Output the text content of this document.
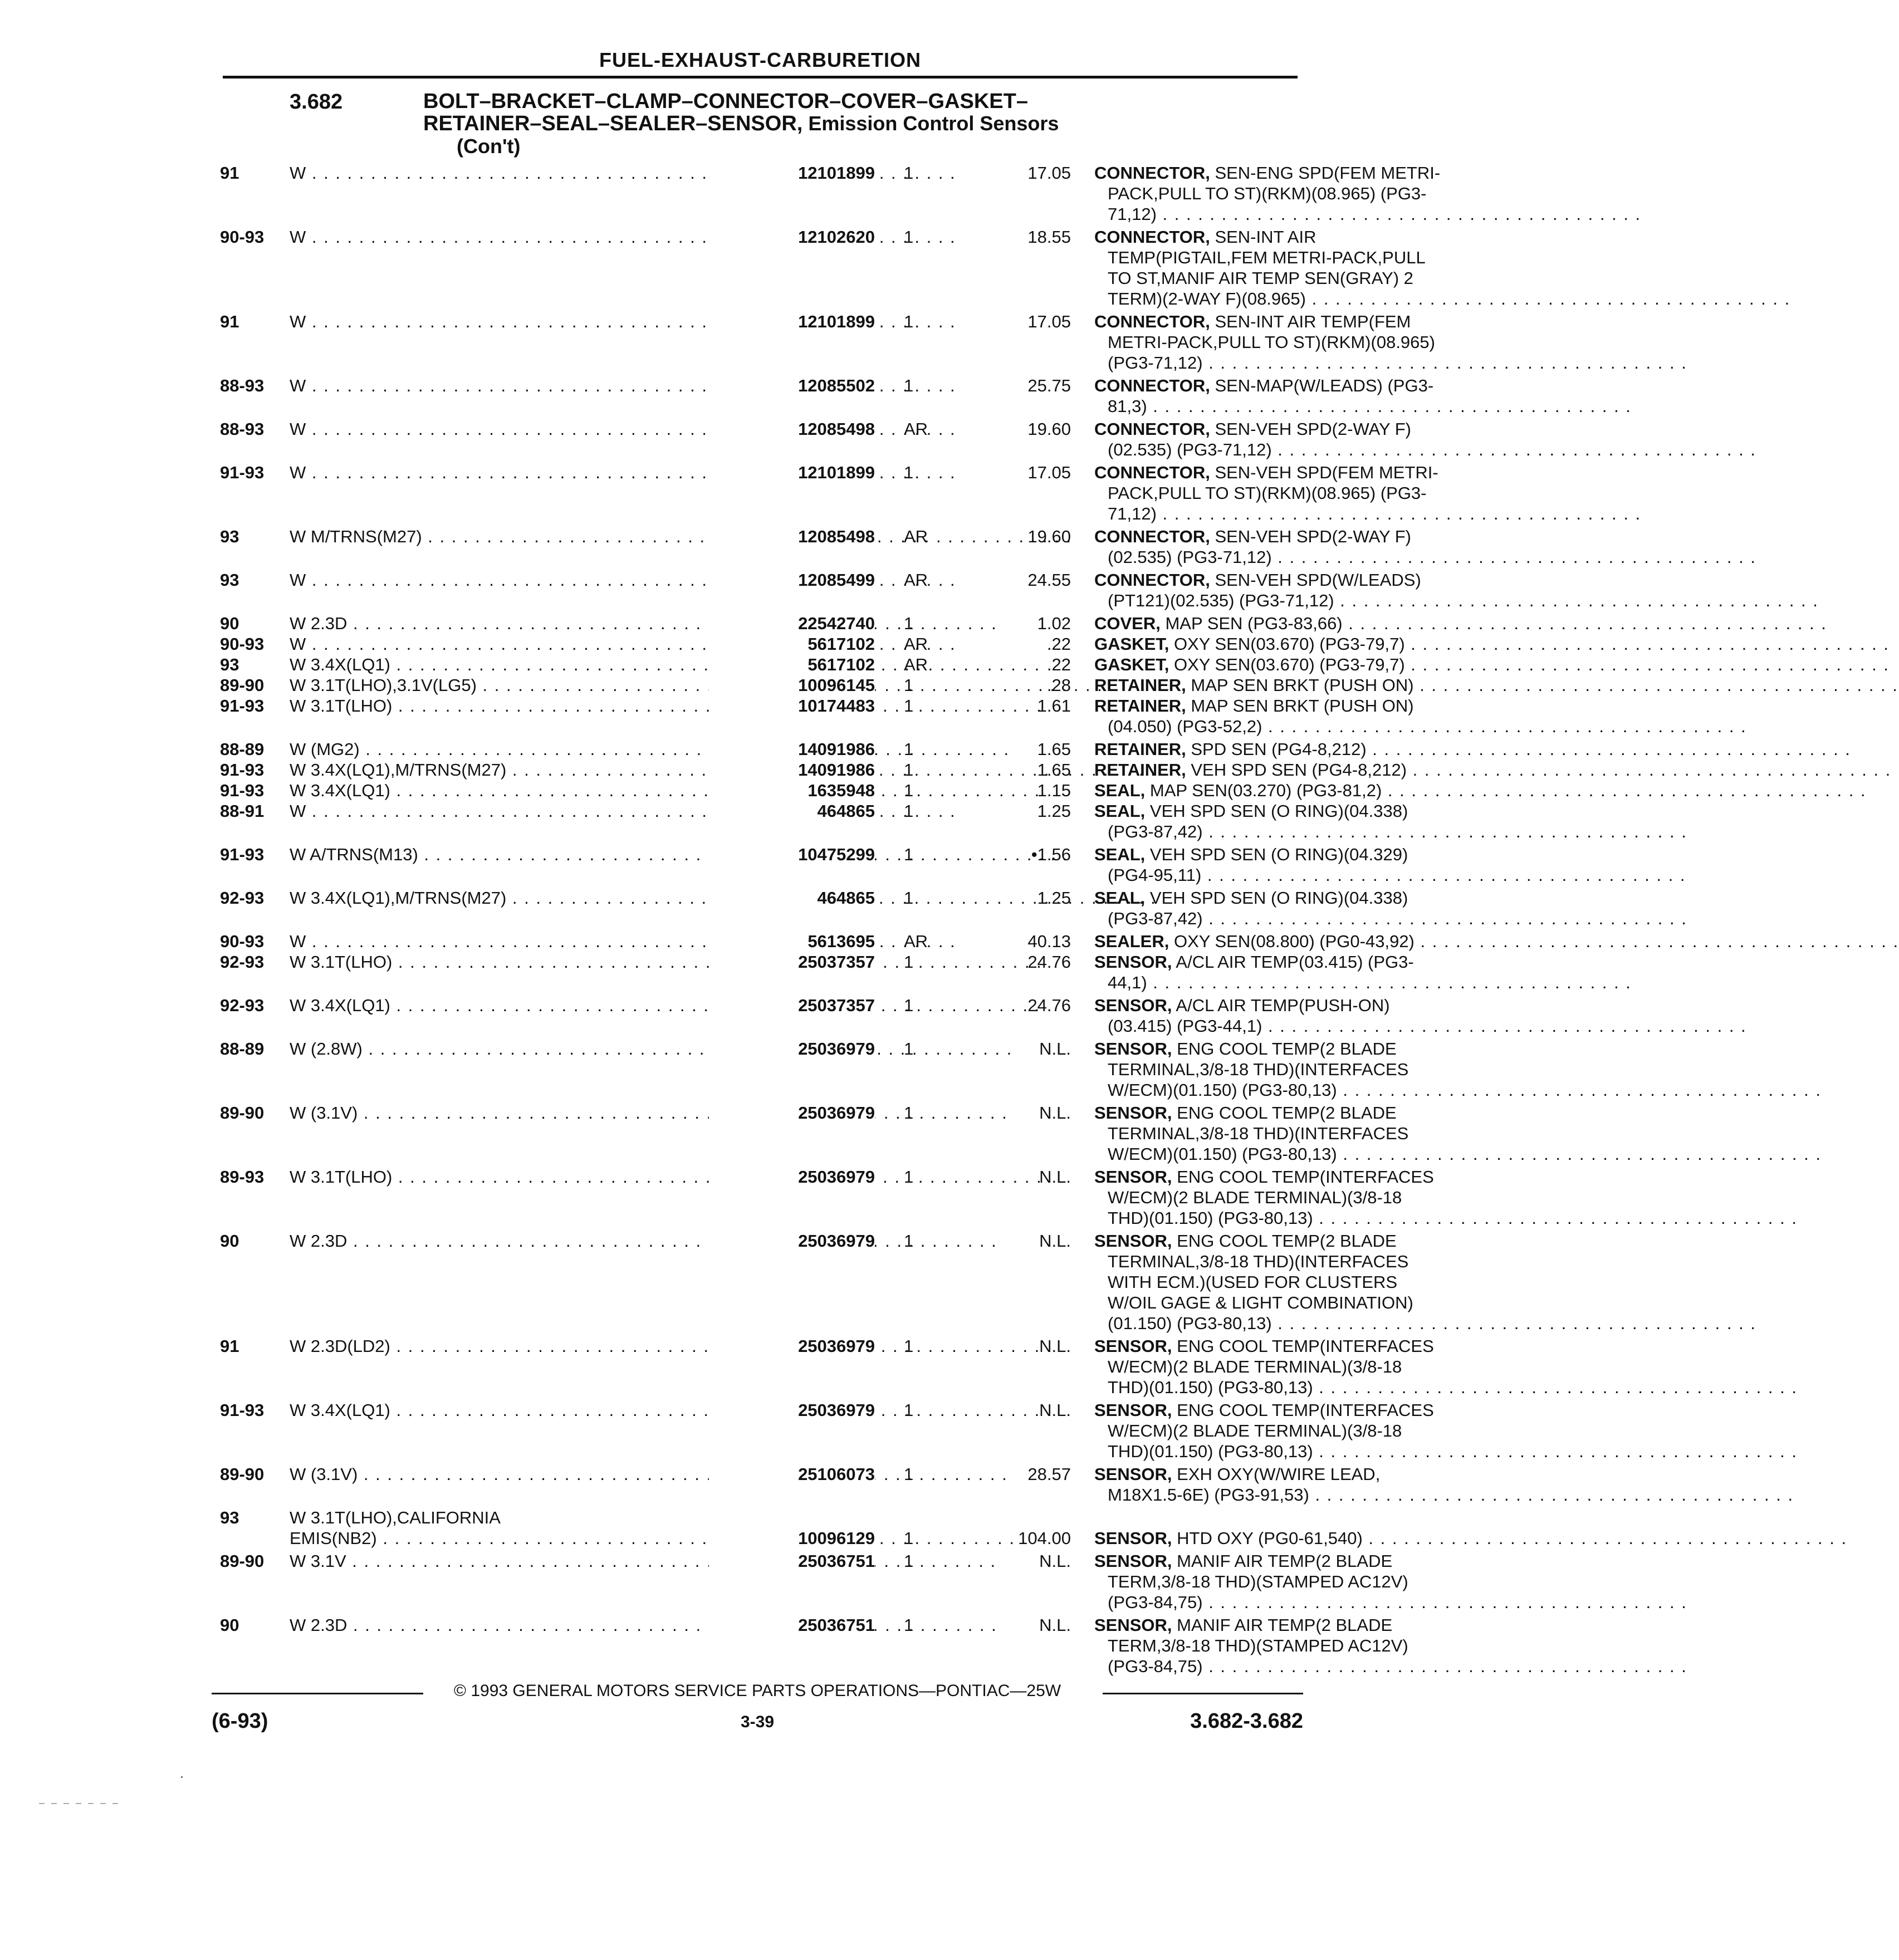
FUEL-EXHAUST-CARBURETION
3.682	BOLT–BRACKET–CLAMP–CONNECTOR–COVER–GASKET–
RETAINER–SEAL–SEALER–SENSOR, Emission Control Sensors
(Con't)
91	W . . .	12101899 1	17.05 CONNECTOR, SEN-ENG SPD(FEM METRI-
PACK,PULL TO ST)(RKM)(08.965) (PG3-
71,12) . . .
90-93	W . . .	12102620 1	18.55 CONNECTOR, SEN-INT AIR
TEMP(PIGTAIL,FEM METRI-PACK,PULL
TO ST,MANIF AIR TEMP SEN(GRAY) 2
TERM)(2-WAY F)(08.965) . . .
91	W . . .	12101899 1	17.05 CONNECTOR, SEN-INT AIR TEMP(FEM
METRI-PACK,PULL TO ST)(RKM)(08.965)
(PG3-71,12) . . .
88-93	W . . .	12085502 1	25.75 CONNECTOR, SEN-MAP(W/LEADS) (PG3-
81,3) . . .
88-93	W . . .	12085498 AR	19.60 CONNECTOR, SEN-VEH SPD(2-WAY F)
(02.535) (PG3-71,12) . . .
91-93	W . . .	12101899 1	17.05 CONNECTOR, SEN-VEH SPD(FEM METRI-
PACK,PULL TO ST)(RKM)(08.965) (PG3-
71,12) . . .
93	W M/TRNS(M27) . . .	12085498 AR	19.60 CONNECTOR, SEN-VEH SPD(2-WAY F)
(02.535) (PG3-71,12) . . .
93	W . . .	12085499 AR	24.55 CONNECTOR, SEN-VEH SPD(W/LEADS)
(PT121)(02.535) (PG3-71,12) . . .
90	W 2.3D . . .	22542740 1	1.02 COVER, MAP SEN (PG3-83,66) . . .
90-93	W . . .	5617102 AR	.22 GASKET, OXY SEN(03.670) (PG3-79,7) . . .
93	W 3.4X(LQ1) . . .	5617102 AR	.22 GASKET, OXY SEN(03.670) (PG3-79,7) . . .
89-90	W 3.1T(LHO),3.1V(LG5) . . .	10096145 1	.28 RETAINER, MAP SEN BRKT (PUSH ON) . . .
91-93	W 3.1T(LHO) . . .	10174483 1	1.61 RETAINER, MAP SEN BRKT (PUSH ON)
(04.050) (PG3-52,2) . . .
88-89	W (MG2) . . .	14091986 1	1.65 RETAINER, SPD SEN (PG4-8,212) . . .
91-93	W 3.4X(LQ1),M/TRNS(M27) . . .	14091986 1	1.65 RETAINER, VEH SPD SEN (PG4-8,212) . . .
91-93	W 3.4X(LQ1) . . .	1635948 1	1.15 SEAL, MAP SEN(03.270) (PG3-81,2) . . .
88-91	W . . .	464865 1	1.25 SEAL, VEH SPD SEN (O RING)(04.338)
(PG3-87,42) . . .
91-93	W A/TRNS(M13) . . .	10475299 1	•1.56 SEAL, VEH SPD SEN (O RING)(04.329)
(PG4-95,11) . . .
92-93	W 3.4X(LQ1),M/TRNS(M27) . . .	464865 1	1.25 SEAL, VEH SPD SEN (O RING)(04.338)
(PG3-87,42) . . .
90-93	W . . .	5613695 AR	40.13 SEALER, OXY SEN(08.800) (PG0-43,92) . . .
92-93	W 3.1T(LHO) . . .	25037357 1	24.76 SENSOR, A/CL AIR TEMP(03.415) (PG3-
44,1) . . .
92-93	W 3.4X(LQ1) . . .	25037357 1	24.76 SENSOR, A/CL AIR TEMP(PUSH-ON)
(03.415) (PG3-44,1) . . .
88-89	W (2.8W) . . .	25036979 1	N.L. SENSOR, ENG COOL TEMP(2 BLADE
TERMINAL,3/8-18 THD)(INTERFACES
W/ECM)(01.150) (PG3-80,13) . . .
89-90	W (3.1V) . . .	25036979 1	N.L. SENSOR, ENG COOL TEMP(2 BLADE
TERMINAL,3/8-18 THD)(INTERFACES
W/ECM)(01.150) (PG3-80,13) . . .
89-93	W 3.1T(LHO) . . .	25036979 1	N.L. SENSOR, ENG COOL TEMP(INTERFACES
W/ECM)(2 BLADE TERMINAL)(3/8-18
THD)(01.150) (PG3-80,13) . . .
90	W 2.3D . . .	25036979 1	N.L. SENSOR, ENG COOL TEMP(2 BLADE
TERMINAL,3/8-18 THD)(INTERFACES
WITH ECM.)(USED FOR CLUSTERS
W/OIL GAGE & LIGHT COMBINATION)
(01.150) (PG3-80,13) . . .
91	W 2.3D(LD2) . . .	25036979 1	N.L. SENSOR, ENG COOL TEMP(INTERFACES
W/ECM)(2 BLADE TERMINAL)(3/8-18
THD)(01.150) (PG3-80,13) . . .
91-93	W 3.4X(LQ1) . . .	25036979 1	N.L. SENSOR, ENG COOL TEMP(INTERFACES
W/ECM)(2 BLADE TERMINAL)(3/8-18
THD)(01.150) (PG3-80,13) . . .
89-90	W (3.1V) . . .	25106073 1	28.57 SENSOR, EXH OXY(W/WIRE LEAD,
M18X1.5-6E) (PG3-91,53) . . .
93	W 3.1T(LHO),CALIFORNIA
EMIS(NB2) . . .	10096129 1	104.00 SENSOR, HTD OXY (PG0-61,540) . . .
89-90	W 3.1V . . .	25036751 1	N.L. SENSOR, MANIF AIR TEMP(2 BLADE
TERM,3/8-18 THD)(STAMPED AC12V)
(PG3-84,75) . . .
90	W 2.3D . . .	25036751 1	N.L. SENSOR, MANIF AIR TEMP(2 BLADE
TERM,3/8-18 THD)(STAMPED AC12V)
(PG3-84,75) . . .
© 1993 GENERAL MOTORS SERVICE PARTS OPERATIONS—PONTIAC—25W
(6-93)	3-39	3.682-3.682
